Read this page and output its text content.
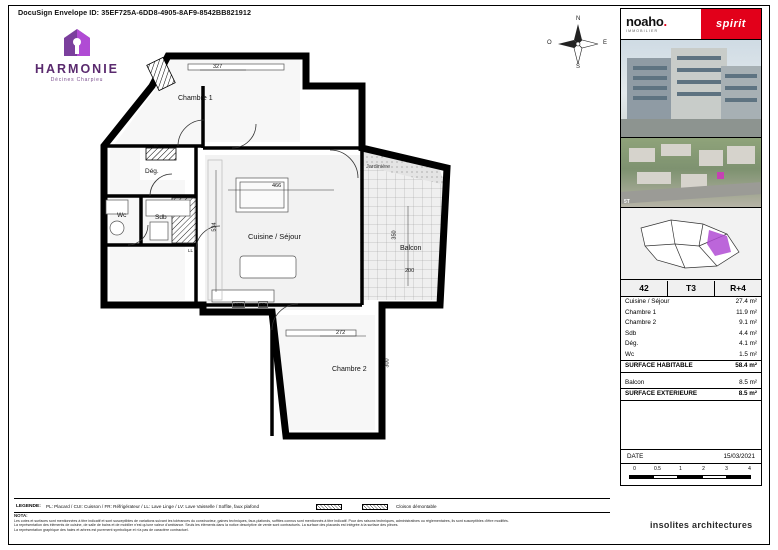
DocuSign Envelope ID: 35EF725A-6DD8-4905-8AF9-8542BB821912
HARMONIE
Décines Charpieu
N
S
E
O
Chambre 1
Dég.
Wc	Sdb
Cuisine / Séjour
Balcon
Chambre 2
Jardinière
327
466
534
272
200
350
300
CEB	FR
LL
PL
noaho.
IMMOBILIER
spirit
5T
42	T3	R+4
Cuisine / Séjour	27.4 m²
Chambre 1	11.9 m²
Chambre 2	9.1 m²
Sdb	4.4 m²
Dég.	4.1 m²
Wc	1.5 m²
SURFACE HABITABLE	58.4 m²
Balcon	8.5 m²
SURFACE EXTERIEURE	8.5 m²
DATE	15/03/2021
0	0.5	1	2	3	4
insolites architectures
LEGENDE: PL: Placard / CUI: Cuisson / FR: Réfrigérateur / LL: Lave Linge / LV: Lave Vaisselle / Soffite, faux plafond	Cloison démontable
NOTA:
Les cotes et surfaces sont mentionnées à titre indicatif et sont susceptibles de variations suivant les tolérances du constructeur, gaines techniques, faux-plafonds, soffites connus sont mentionnés à titre indicatif. Pour des raisons techniques, administratives ou réglementaires, ils sont susceptibles d'être modifiés.
La représentation des éléments de cuisine, de salle de bains et de mobilier n'est qu'une valeur d'ambiance. Seuls les éléments dans la notice descriptive de vente sont contractuels. La surface des placards est intégrée à la surface des pièces.
La représentation graphique des haies et arbres est purement symbolique et n'a pas de caractère contractuel.
